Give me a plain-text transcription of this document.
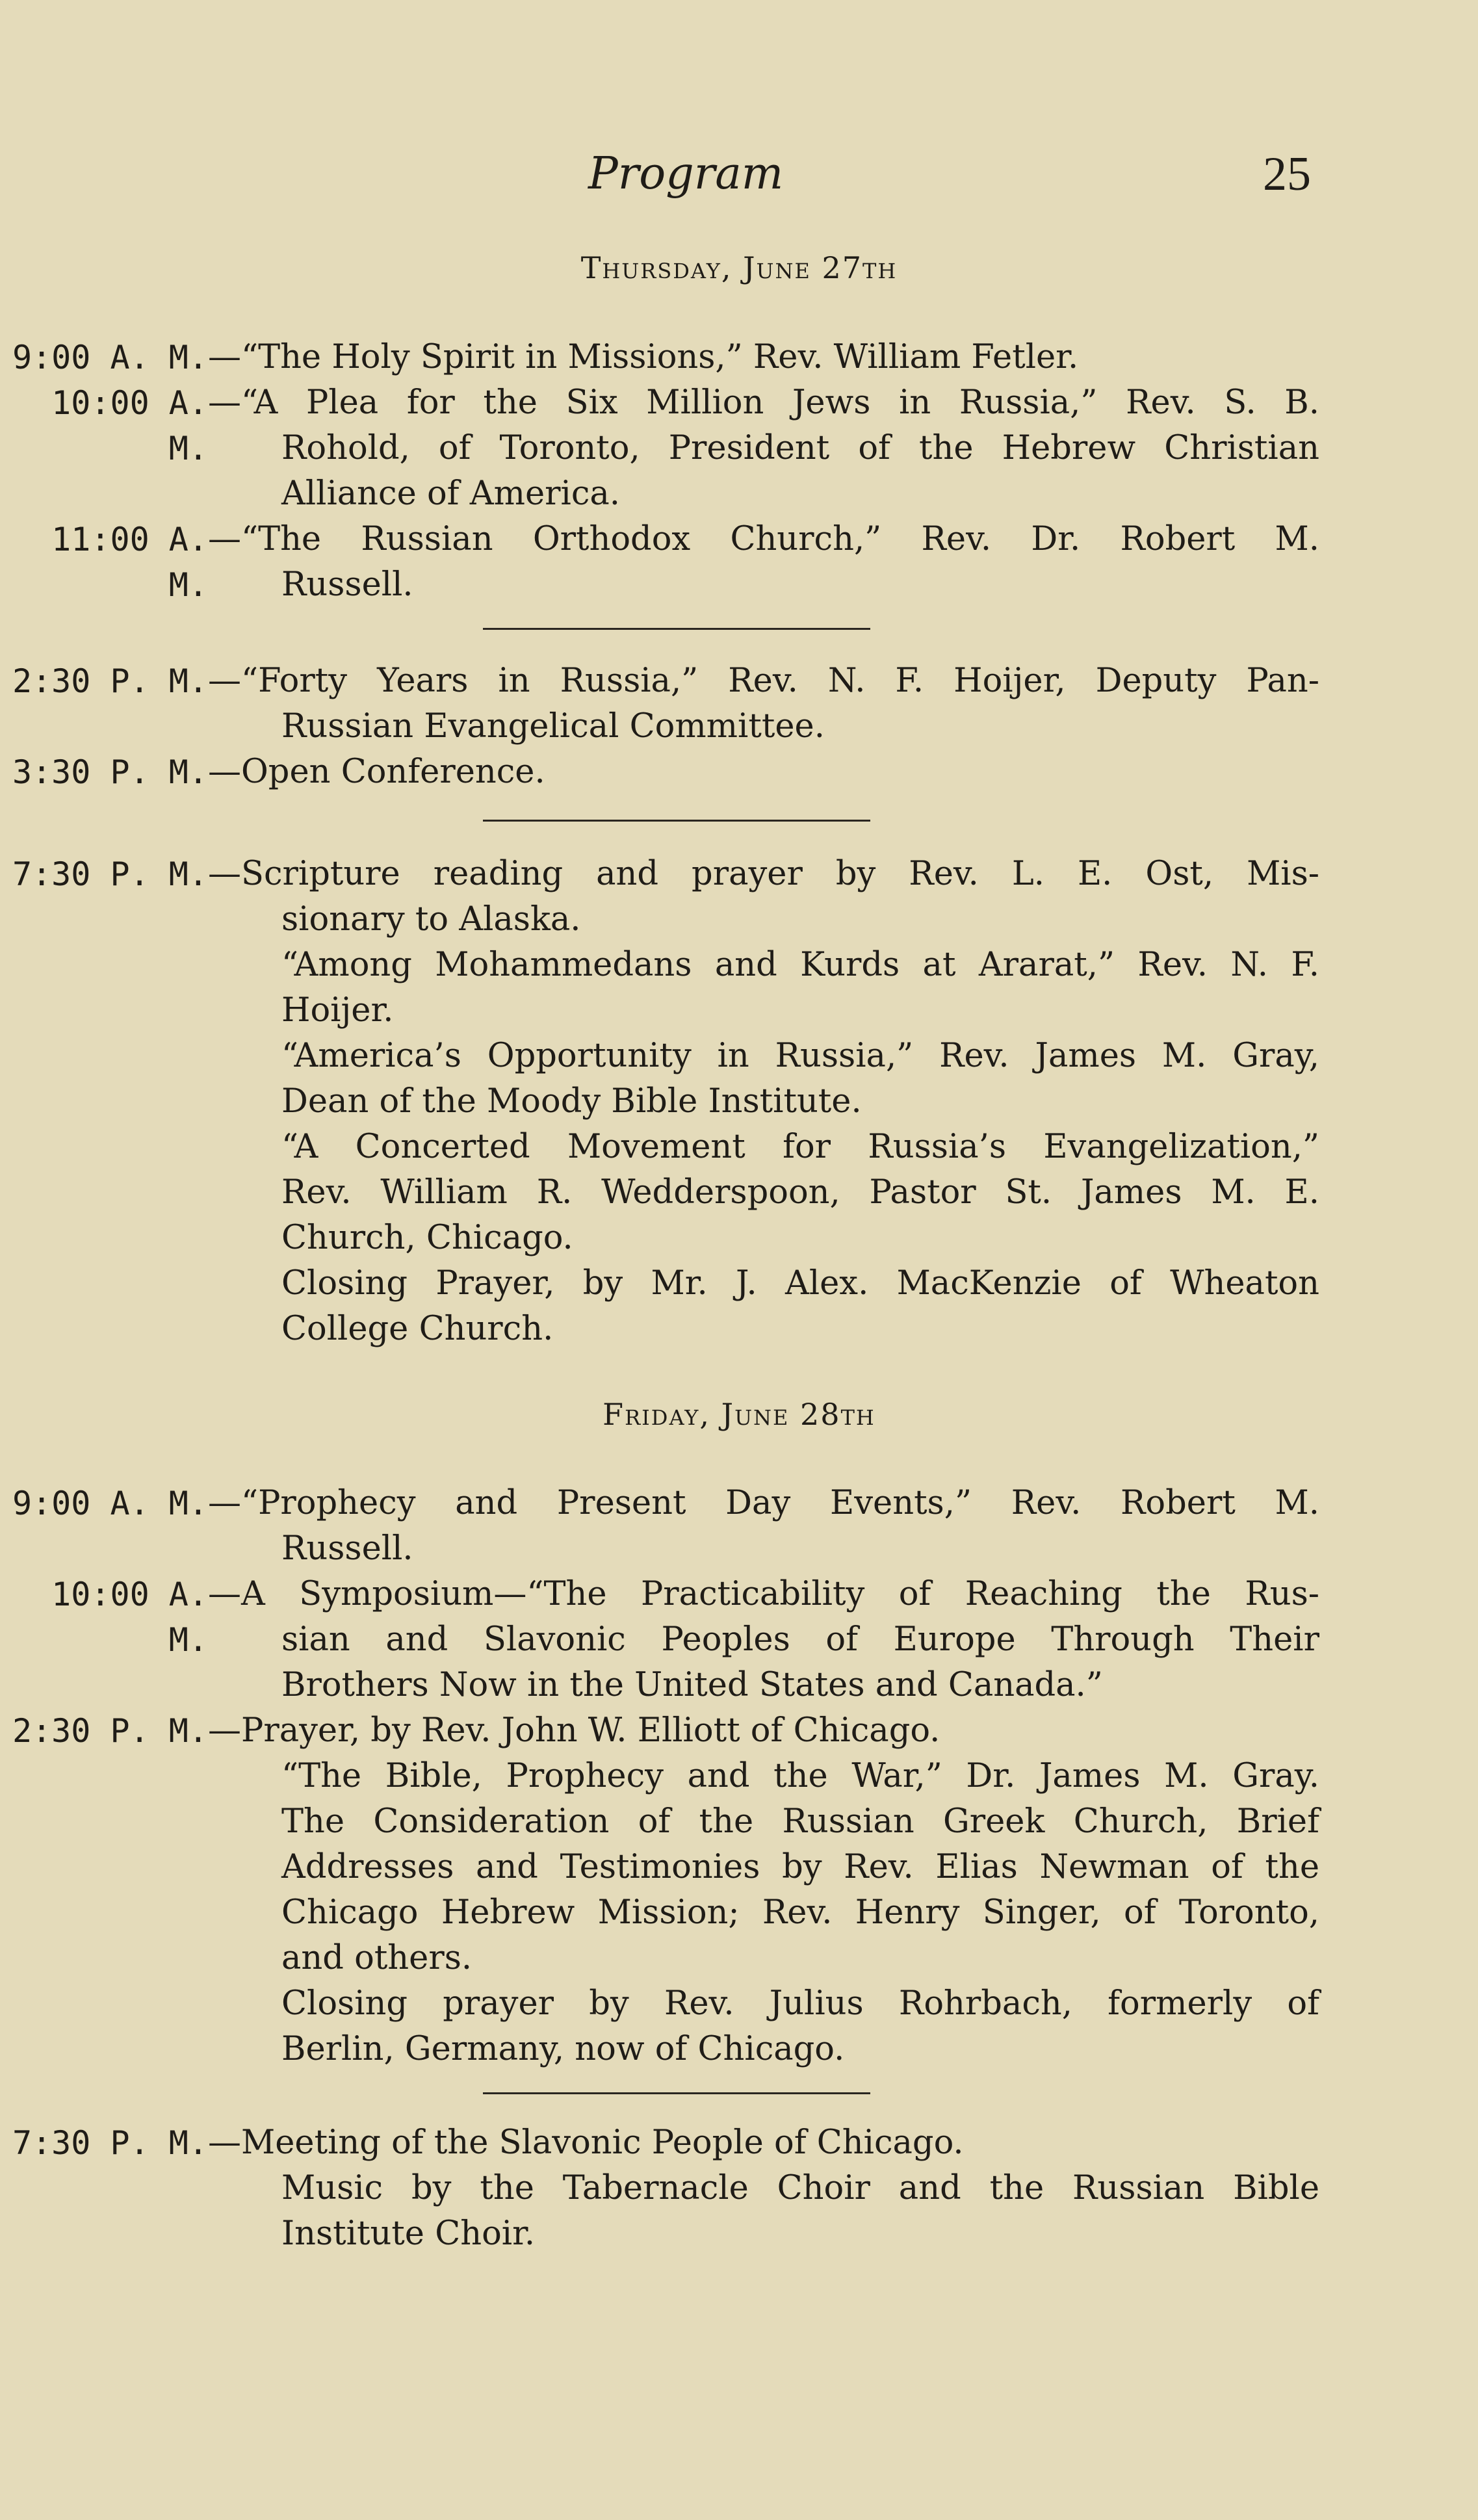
Program	25
Thursday, June 27th
9:00 A. M. —“The Holy Spirit in Missions,” Rev. William Fetler.
10:00 A. M.
—“A Plea for the Six Million Jews in Russia,” Rev. S. B.
Rohold, of Toronto, President of the Hebrew Christian
Alliance of America.
11:00 A. M.
—“The Russian Orthodox Church,” Rev. Dr. Robert M.
Russell.
2:30 P. M. —“Forty Years in Russia,” Rev. N. F. Hoijer, Deputy Pan-
Russian Evangelical Committee.
3:30 P. M. —Open Conference.
7:30 P. M. —Scripture reading and prayer by Rev. L. E. Ost, Mis-
sionary to Alaska.
“Among Mohammedans and Kurds at Ararat,” Rev. N. F.
Hoijer.
“America’s Opportunity in Russia,” Rev. James M. Gray,
Dean of the Moody Bible Institute.
“A Concerted Movement for Russia’s Evangelization,”
Rev. William R. Wedderspoon, Pastor St. James M. E.
Church, Chicago.
Closing Prayer, by Mr. J. Alex. MacKenzie of Wheaton
College Church.
Friday, June 28th
9:00 A. M. —“Prophecy and Present Day Events,” Rev. Robert M.
Russell.
10:00 A. M.
—A Symposium—“The Practicability of Reaching the Rus-
sian and Slavonic Peoples of Europe Through Their
Brothers Now in the United States and Canada.”
2:30 P. M. —Prayer, by Rev. John W. Elliott of Chicago.
“The Bible, Prophecy and the War,” Dr. James M. Gray.
The Consideration of the Russian Greek Church, Brief
Addresses and Testimonies by Rev. Elias Newman of the
Chicago Hebrew Mission; Rev. Henry Singer, of Toronto,
and others.
Closing prayer by Rev. Julius Rohrbach, formerly of
Berlin, Germany, now of Chicago.
7:30 P. M. —Meeting of the Slavonic People of Chicago.
Music by the Tabernacle Choir and the Russian Bible
Institute Choir.
